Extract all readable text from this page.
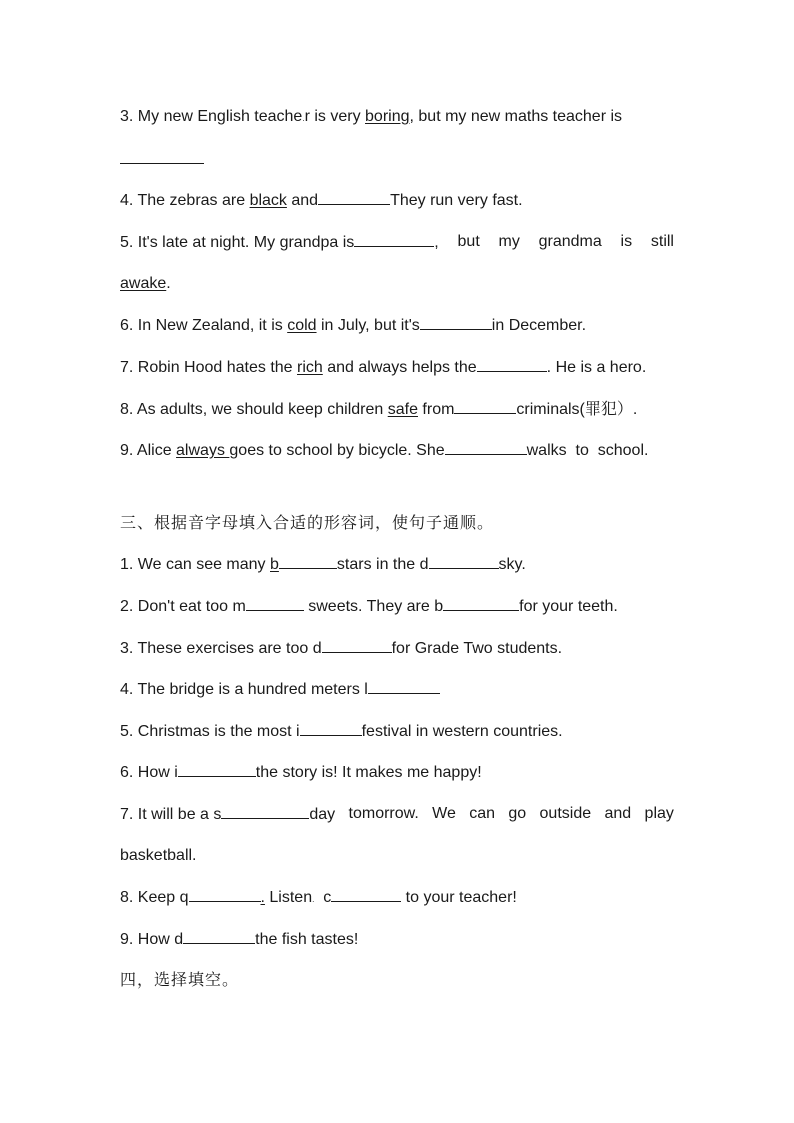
3. My new English teache.r is very boring, but my new maths teacher is
4. The zebras are black and	They run very fast.
5. It's late at night. My grandpa is	, but my grandma is still
awake.
6. In New Zealand, it is cold in July, but it's	in December.
7. Robin Hood hates the rich and always helps the	. He is a hero.
8. As adults, we should keep children safe from	criminals(罪犯）.
9. Alice always goes to school by bicycle. She	walks  to  school.
三、根据音字母填入合适的形容词，使句子通顺。
1. We can see many b	stars in the d	sky.
2. Don't eat too m	sweets. They are b	for your teeth.
3. These exercises are too d	for Grade Two students.
4. The bridge is a hundred meters l
5. Christmas is the most i	festival in western countries.
6. How i	the story is! It makes me happy!
7. It will be a s	day tomorrow. We can go outside and play
basketball.
8. Keep q	. Listen.  c	to your teacher!
9. How d	the fish tastes!
四，选择填空。
